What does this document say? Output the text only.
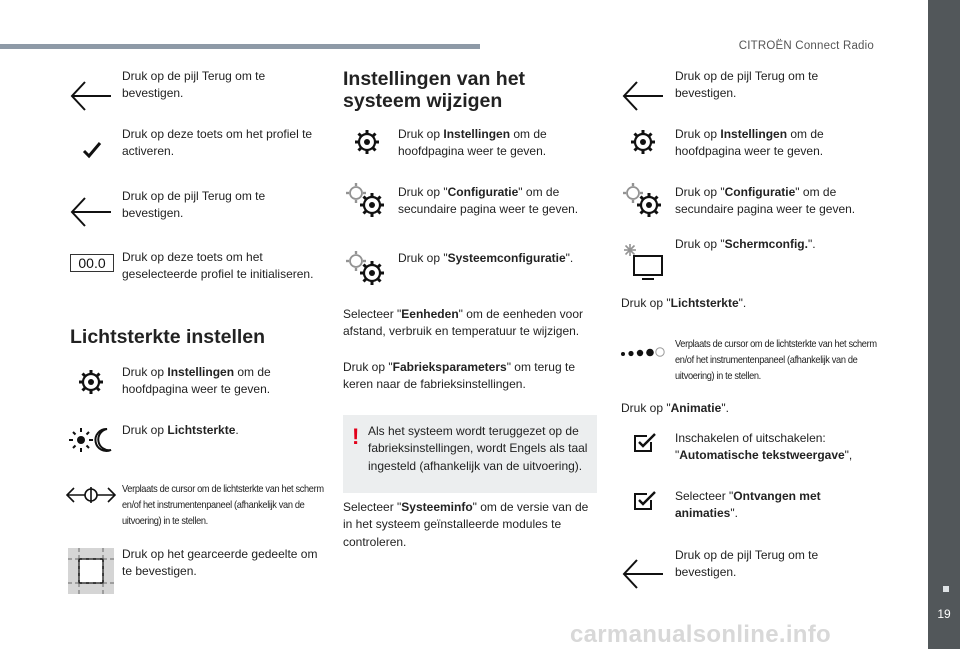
CITROËN Connect Radio
19
carmanualsonline.info
Druk op de pijl Terug om te bevestigen.
Druk op deze toets om het profiel te activeren.
Druk op de pijl Terug om te bevestigen.
00.0	Druk op deze toets om het geselecteerde profiel te initialiseren.
Lichtsterkte instellen
Druk op Instellingen om de hoofdpagina weer te geven.
Druk op Lichtsterkte.
Verplaats de cursor om de lichtsterkte van het scherm en/of het instrumentenpaneel (afhankelijk van de uitvoering) in te stellen.
Druk op het gearceerde gedeelte om te bevestigen.
Instellingen van het systeem wijzigen
Druk op Instellingen om de hoofdpagina weer te geven.
Druk op "Configuratie" om de secundaire pagina weer te geven.
Druk op "Systeemconfiguratie".
Selecteer "Eenheden" om de eenheden voor afstand, verbruik en temperatuur te wijzigen.
Druk op "Fabrieksparameters" om terug te keren naar de fabrieksinstellingen.
! Als het systeem wordt teruggezet op de fabrieksinstellingen, wordt Engels als taal ingesteld (afhankelijk van de uitvoering).
Selecteer "Systeeminfo" om de versie van de in het systeem geïnstalleerde modules te controleren.
Druk op de pijl Terug om te bevestigen.
Druk op Instellingen om de hoofdpagina weer te geven.
Druk op "Configuratie" om de secundaire pagina weer te geven.
Druk op "Schermconfig.".
Druk op "Lichtsterkte".
Verplaats de cursor om de lichtsterkte van het scherm en/of het instrumentenpaneel (afhankelijk van de uitvoering) in te stellen.
Druk op "Animatie".
Inschakelen of uitschakelen: "Automatische tekstweergave",
Selecteer "Ontvangen met animaties".
Druk op de pijl Terug om te bevestigen.
